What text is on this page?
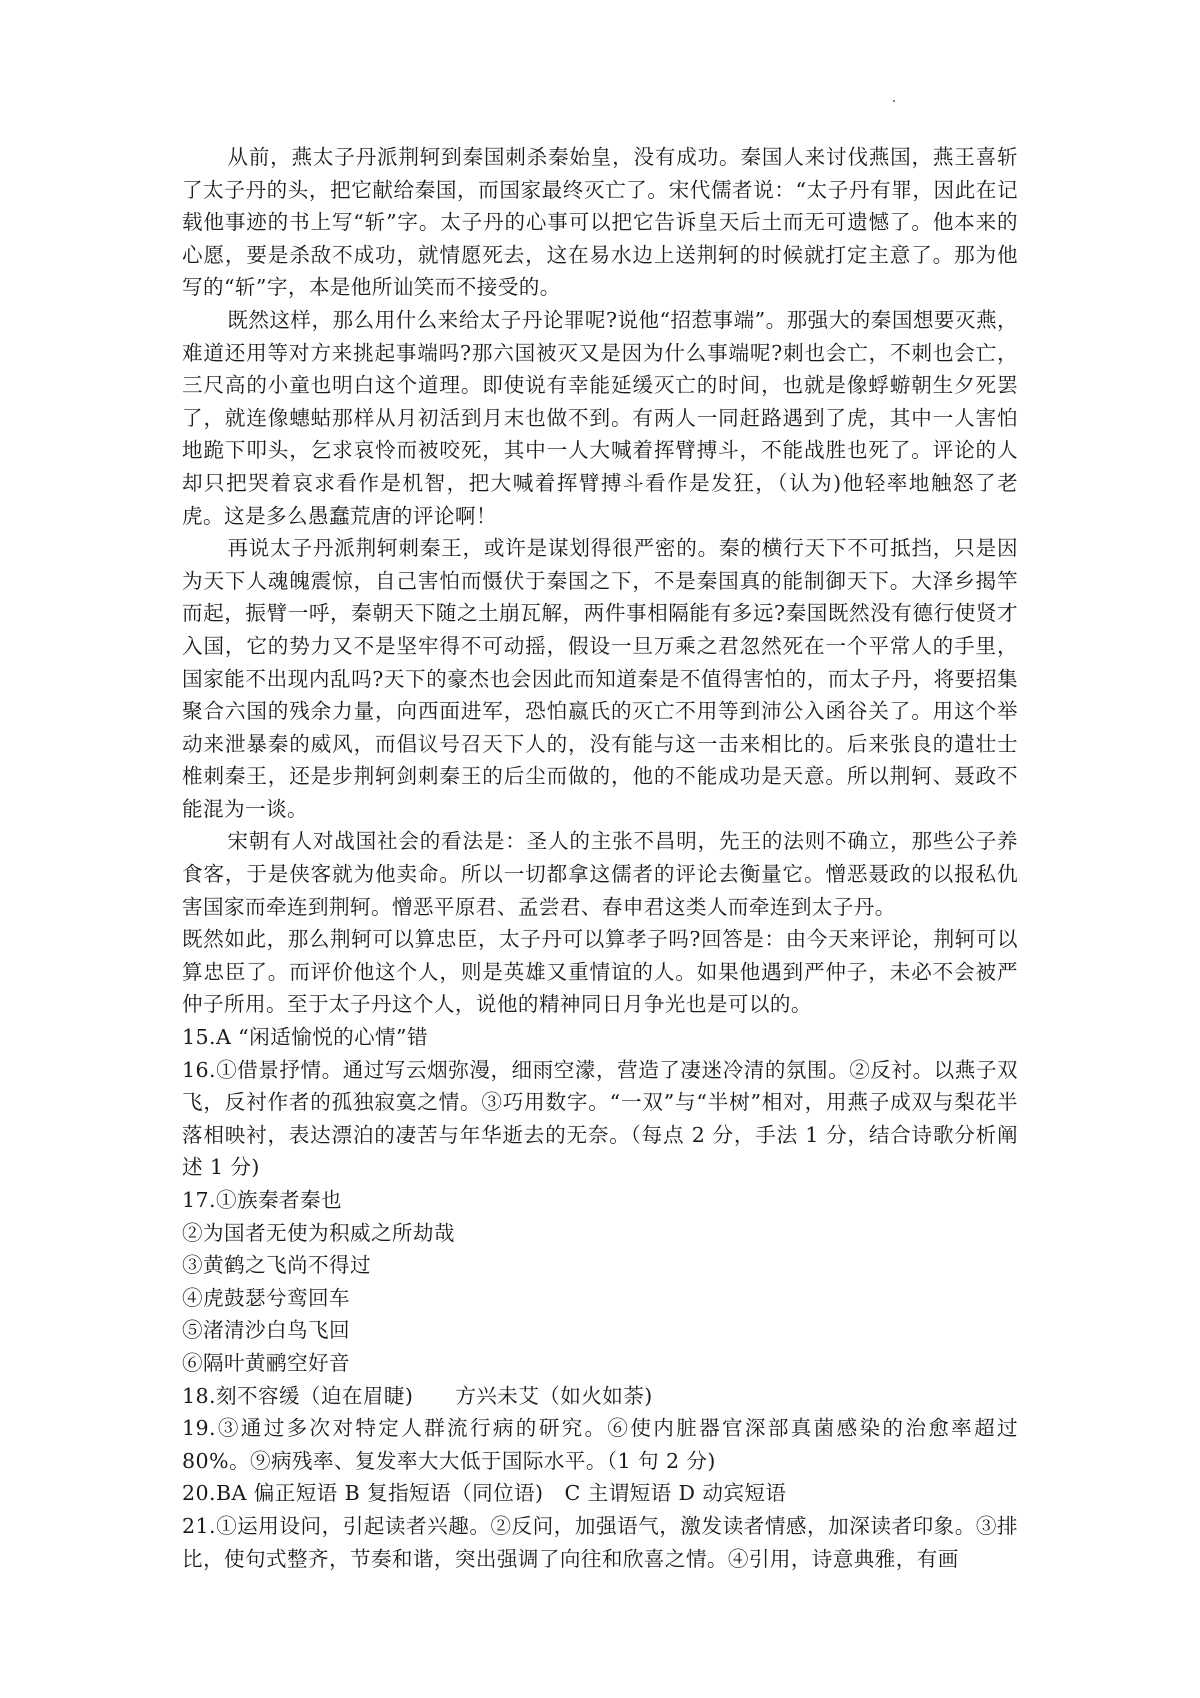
从前，燕太子丹派荆轲到秦国刺杀秦始皇，没有成功。秦国人来讨伐燕国，燕王喜斩了太子丹的头，把它献给秦国，而国家最终灭亡了。宋代儒者说：“太子丹有罪，因此在记载他事迹的书上写“斩”字。太子丹的心事可以把它告诉皇天后土而无可遗憾了。他本来的心愿，要是杀敌不成功，就情愿死去，这在易水边上送荆轲的时候就打定主意了。那为他写的“斩”字，本是他所讪笑而不接受的。

既然这样，那么用什么来给太子丹论罪呢?说他“招惹事端”。那强大的秦国想要灭燕，难道还用等对方来挑起事端吗?那六国被灭又是因为什么事端呢?刺也会亡，不刺也会亡，三尺高的小童也明白这个道理。即使说有幸能延缓灭亡的时间，也就是像蜉蝣朝生夕死罢了，就连像蟪蛄那样从月初活到月末也做不到。有两人一同赶路遇到了虎，其中一人害怕地跪下叩头，乞求哀怜而被咬死，其中一人大喊着挥臂搏斗，不能战胜也死了。评论的人却只把哭着哀求看作是机智，把大喊着挥臂搏斗看作是发狂，（认为)他轻率地触怒了老虎。这是多么愚蠢荒唐的评论啊！

再说太子丹派荆轲刺秦王，或许是谋划得很严密的。秦的横行天下不可抵挡，只是因为天下人魂魄震惊，自己害怕而慑伏于秦国之下，不是秦国真的能制御天下。大泽乡揭竿而起，振臂一呼，秦朝天下随之土崩瓦解，两件事相隔能有多远?秦国既然没有德行使贤才入国，它的势力又不是坚牢得不可动摇，假设一旦万乘之君忽然死在一个平常人的手里，国家能不出现内乱吗?天下的豪杰也会因此而知道秦是不值得害怕的，而太子丹，将要招集聚合六国的残余力量，向西面进军，恐怕嬴氏的灭亡不用等到沛公入函谷关了。用这个举动来泄暴秦的威风，而倡议号召天下人的，没有能与这一击来相比的。后来张良的遣壮士椎刺秦王，还是步荆轲剑刺秦王的后尘而做的，他的不能成功是天意。所以荆轲、聂政不能混为一谈。

宋朝有人对战国社会的看法是：圣人的主张不昌明，先王的法则不确立，那些公子养食客，于是侠客就为他卖命。所以一切都拿这儒者的评论去衡量它。憎恶聂政的以报私仇害国家而牵连到荆轲。憎恶平原君、孟尝君、春申君这类人而牵连到太子丹。

既然如此，那么荆轲可以算忠臣，太子丹可以算孝子吗?回答是：由今天来评论，荆轲可以算忠臣了。而评价他这个人，则是英雄又重情谊的人。如果他遇到严仲子，未必不会被严仲子所用。至于太子丹这个人，说他的精神同日月争光也是可以的。

15.A “闲适愉悦的心情”错

16.①借景抒情。通过写云烟弥漫，细雨空濛，营造了凄迷冷清的氛围。②反衬。以燕子双飞，反衬作者的孤独寂寞之情。③巧用数字。“一双”与“半树”相对，用燕子成双与梨花半落相映衬，表达漂泊的凄苦与年华逝去的无奈。（每点 2 分，手法 1 分，结合诗歌分析阐述 1 分)

17.①族秦者秦也

②为国者无使为积威之所劫哉

③黄鹤之飞尚不得过

④虎鼓瑟兮鸾回车

⑤渚清沙白鸟飞回

⑥隔叶黄鹂空好音

18.刻不容缓（迫在眉睫)　　方兴未艾（如火如荼)

19.③通过多次对特定人群流行病的研究。⑥使内脏器官深部真菌感染的治愈率超过 80%。⑨病残率、复发率大大低于国际水平。（1 句 2 分)

20.BA 偏正短语 B 复指短语（同位语)　C 主谓短语 D 动宾短语

21.①运用设问，引起读者兴趣。②反问，加强语气，激发读者情感，加深读者印象。③排比，使句式整齐，节奏和谐，突出强调了向往和欣喜之情。④引用，诗意典雅，有画
